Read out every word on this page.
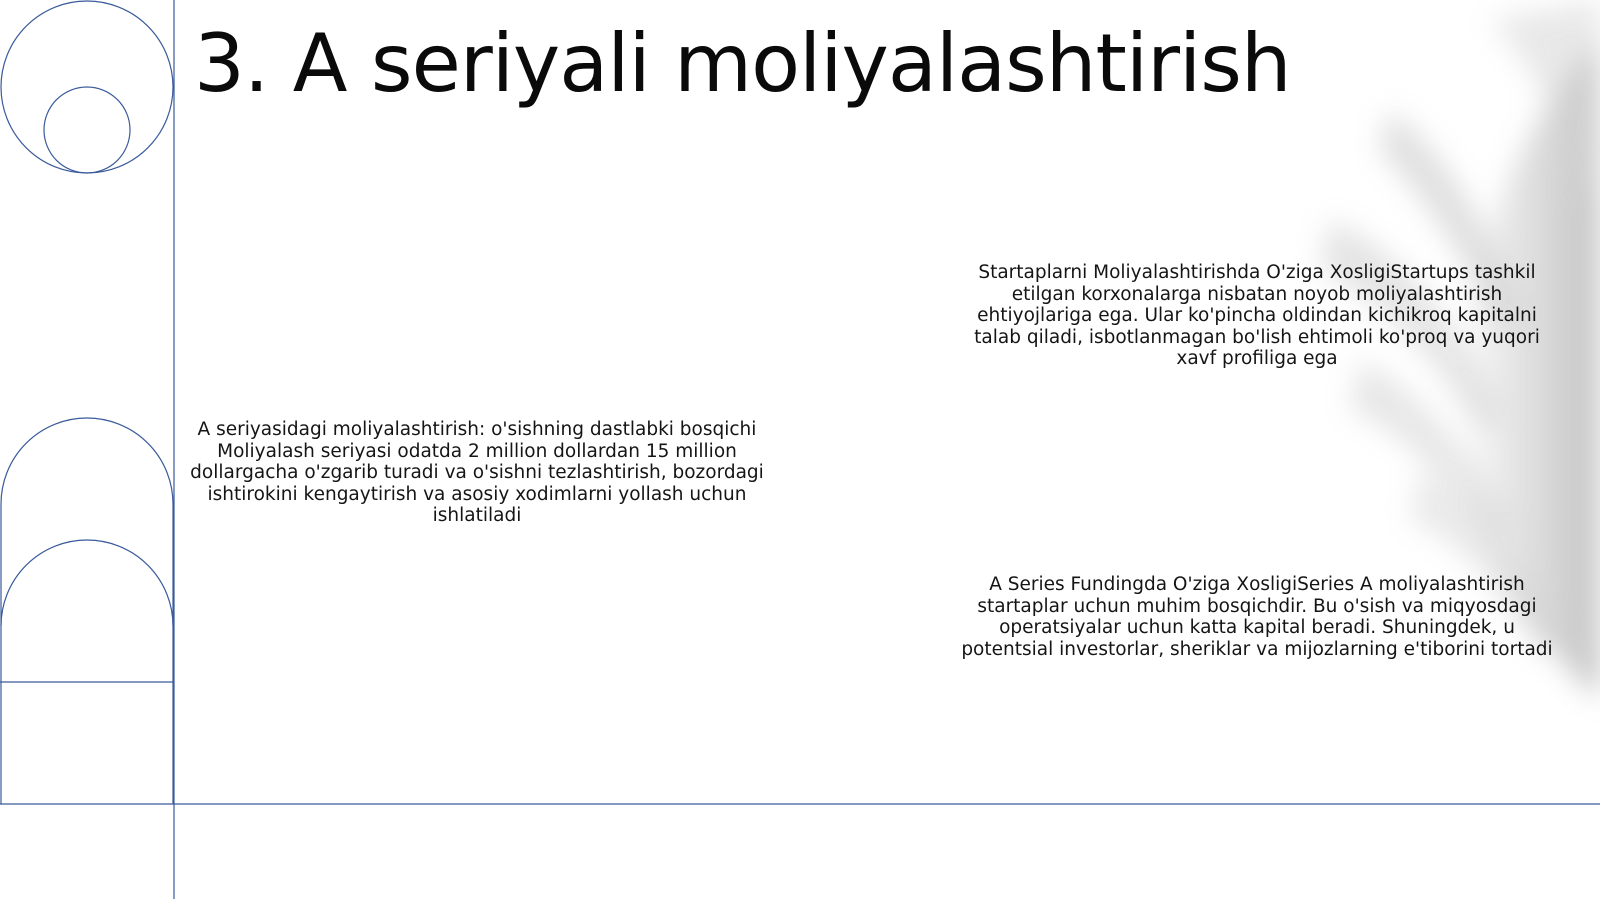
3. A seriyali moliyalashtirish
A seriyasidagi moliyalashtirish: o'sishning dastlabki bosqichi
Moliyalash seriyasi odatda 2 million dollardan 15 million dollargacha o'zgarib turadi va o'sishni tezlashtirish, bozordagi ishtirokini kengaytirish va asosiy xodimlarni yollash uchun ishlatiladi
Startaplarni Moliyalashtirishda O'ziga XosligiStartups tashkil etilgan korxonalarga nisbatan noyob moliyalashtirish ehtiyojlariga ega. Ular ko'pincha oldindan kichikroq kapitalni talab qiladi, isbotlanmagan bo'lish ehtimoli ko'proq va yuqori xavf profiliga ega
A Series Fundingda O'ziga XosligiSeries A moliyalashtirish startaplar uchun muhim bosqichdir. Bu o'sish va miqyosdagi operatsiyalar uchun katta kapital beradi. Shuningdek, u potentsial investorlar, sheriklar va mijozlarning e'tiborini tortadi
